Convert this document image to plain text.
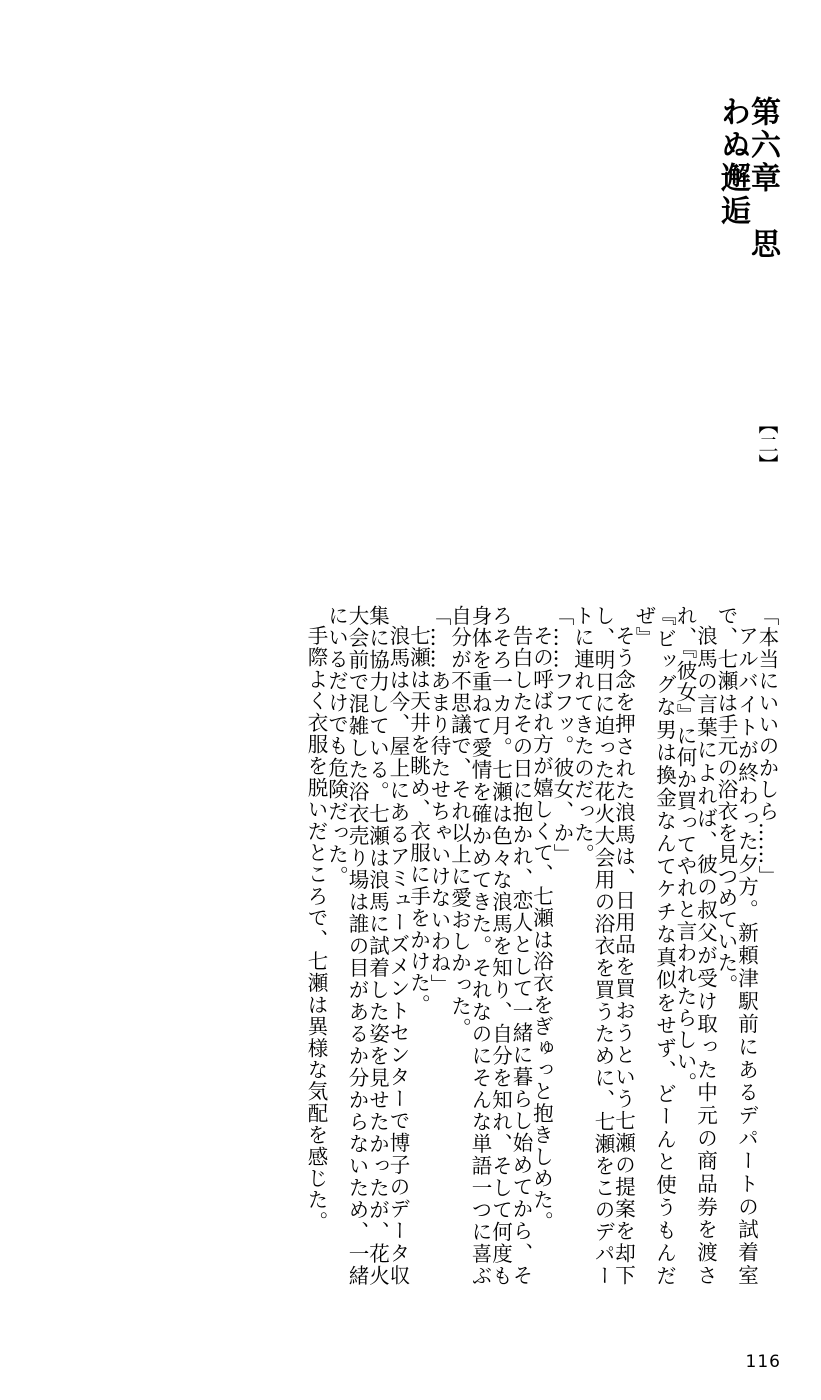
第六章　思わぬ邂逅
【二】
「本当にいいのかしら……」
アルバイトが終わった夕方。新頼津駅前にあるデパートの試着室で、七瀬は手元の浴衣を見つめていた。
浪馬の言葉によれば、彼の叔父が受け取った中元の商品券を渡され、『彼女』に何か買ってやれと言われたらしい。
『ビッグな男は換金なんてケチな真似をせず、どーんと使うもんだぜ』
そう念を押された浪馬は、日用品を買おうという七瀬の提案を却下し、明日に迫った花火大会用の浴衣を買うために、七瀬をこのデパートに連れてきたのだった。
「……フフッ。彼女、か」
その呼ばれ方が嬉しくて、七瀬は浴衣をぎゅっと抱きしめた。
告白したその日に抱かれ、恋人として一緒に暮らし始めてから、そろそろ一カ月。七瀬は色々な浪馬を知り、自分を知れ、そして何度も身体を重ねて愛情を確かめてきた。それなのにそんな単語一つに喜ぶ自分が不思議で、それ以上に愛おしかった。
「……あまり待たせちゃいけないわね」
七瀬は天井を眺め、衣服に手をかけた。
浪馬は今、屋上にあるアミューズメントセンターで博子のデータ収集に協力している。七瀬は浪馬に試着した姿を見せたかったが、花火大会前で混雑した浴衣売り場は誰の目があるか分からないため、一緒にいるだけでも危険だった。
手際よく衣服を脱いだところで、七瀬は異様な気配を感じた。
116
